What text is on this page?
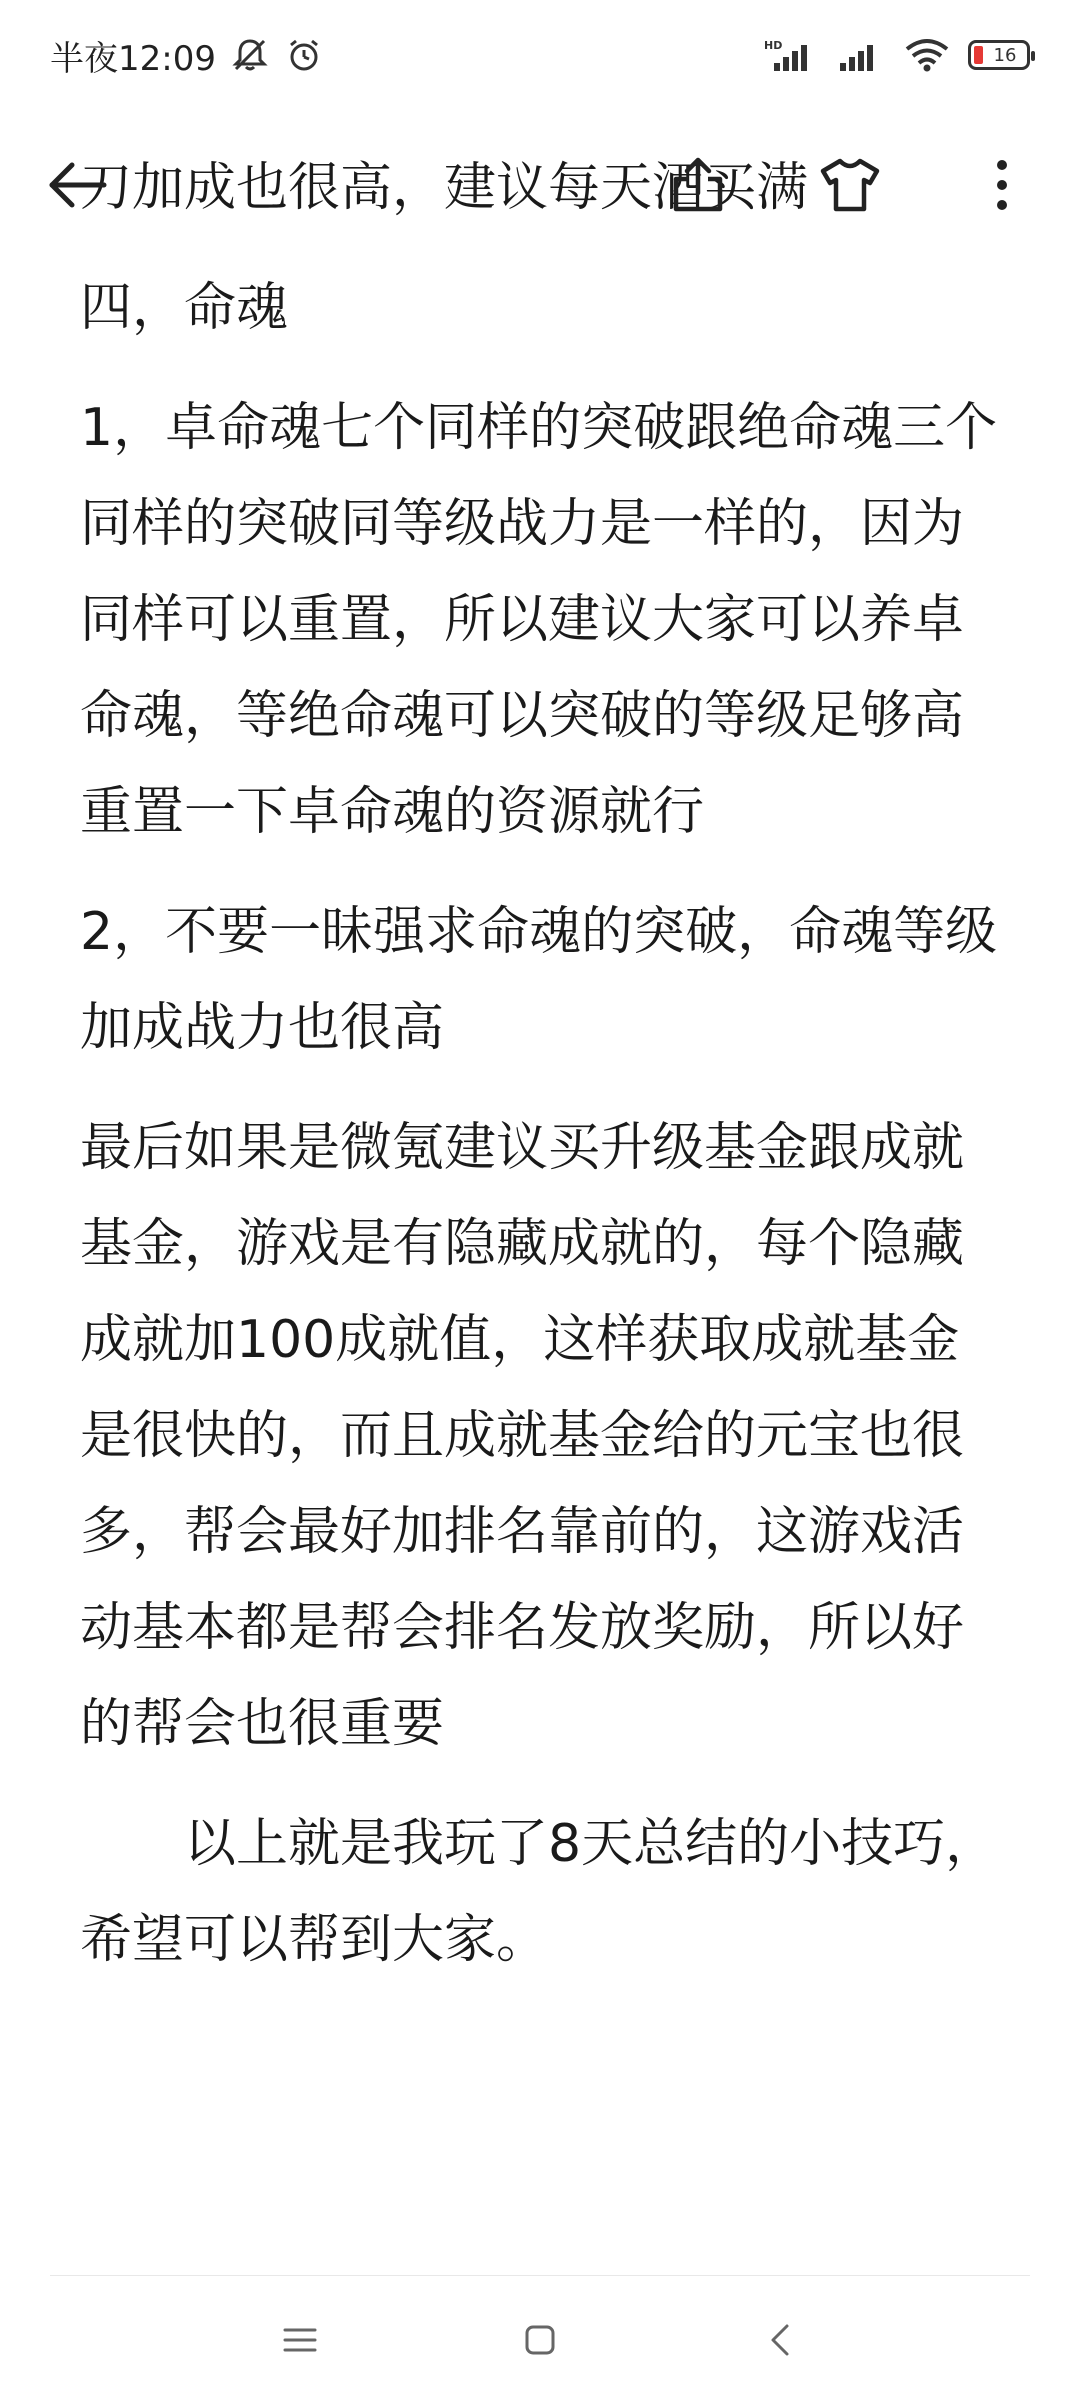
半夜12:09	HD	16

刀加成也很高，建议每天酒买满

四，命魂

1，卓命魂七个同样的突破跟绝命魂三个同样的突破同等级战力是一样的，因为同样可以重置，所以建议大家可以养卓命魂，等绝命魂可以突破的等级足够高重置一下卓命魂的资源就行

2，不要一昧强求命魂的突破，命魂等级加成战力也很高

最后如果是微氪建议买升级基金跟成就基金，游戏是有隐藏成就的，每个隐藏成就加100成就值，这样获取成就基金是很快的，而且成就基金给的元宝也很多，帮会最好加排名靠前的，这游戏活动基本都是帮会排名发放奖励，所以好的帮会也很重要

以上就是我玩了8天总结的小技巧，希望可以帮到大家。
